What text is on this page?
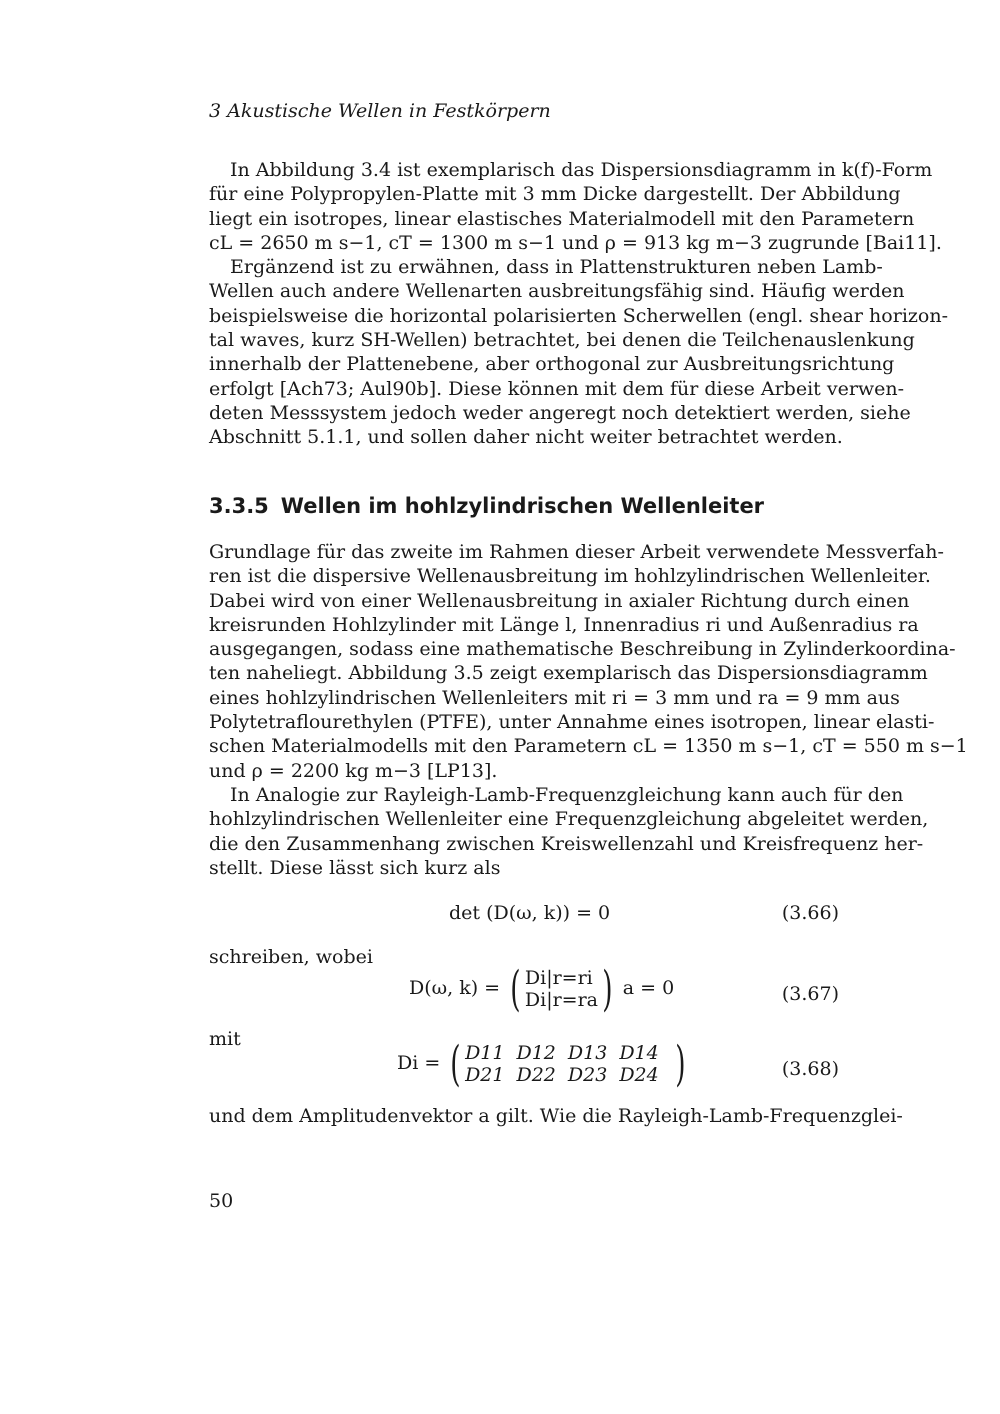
3 Akustische Wellen in Festkörpern
In Abbildung 3.4 ist exemplarisch das Dispersionsdiagramm in k(f)-Form
für eine Polypropylen-Platte mit 3 mm Dicke dargestellt. Der Abbildung
liegt ein isotropes, linear elastisches Materialmodell mit den Parametern
cL = 2650 m s−1, cT = 1300 m s−1 und ρ = 913 kg m−3 zugrunde [Bai11].
Ergänzend ist zu erwähnen, dass in Plattenstrukturen neben Lamb-
Wellen auch andere Wellenarten ausbreitungsfähig sind. Häufig werden
beispielsweise die horizontal polarisierten Scherwellen (engl. shear horizon-
tal waves, kurz SH-Wellen) betrachtet, bei denen die Teilchenauslenkung
innerhalb der Plattenebene, aber orthogonal zur Ausbreitungsrichtung
erfolgt [Ach73; Aul90b]. Diese können mit dem für diese Arbeit verwen-
deten Messsystem jedoch weder angeregt noch detektiert werden, siehe
Abschnitt 5.1.1, und sollen daher nicht weiter betrachtet werden.
3.3.5 Wellen im hohlzylindrischen Wellenleiter
Grundlage für das zweite im Rahmen dieser Arbeit verwendete Messverfah-
ren ist die dispersive Wellenausbreitung im hohlzylindrischen Wellenleiter.
Dabei wird von einer Wellenausbreitung in axialer Richtung durch einen
kreisrunden Hohlzylinder mit Länge l, Innenradius ri und Außenradius ra
ausgegangen, sodass eine mathematische Beschreibung in Zylinderkoordina-
ten naheliegt. Abbildung 3.5 zeigt exemplarisch das Dispersionsdiagramm
eines hohlzylindrischen Wellenleiters mit ri = 3 mm und ra = 9 mm aus
Polytetraflourethylen (PTFE), unter Annahme eines isotropen, linear elasti-
schen Materialmodells mit den Parametern cL = 1350 m s−1, cT = 550 m s−1
und ρ = 2200 kg m−3 [LP13].
In Analogie zur Rayleigh-Lamb-Frequenzgleichung kann auch für den
hohlzylindrischen Wellenleiter eine Frequenzgleichung abgeleitet werden,
die den Zusammenhang zwischen Kreiswellenzahl und Kreisfrequenz her-
stellt. Diese lässt sich kurz als
det (D(ω, k)) = 0	(3.66)
schreiben, wobei
D(ω, k) = ( Di|r=ri
Di|r=ra ) a = 0	(3.67)
mit
Di = ( D11	D12	D13	D14
D21	D22	D23	D24 )	(3.68)
und dem Amplitudenvektor a gilt. Wie die Rayleigh-Lamb-Frequenzglei-
50
